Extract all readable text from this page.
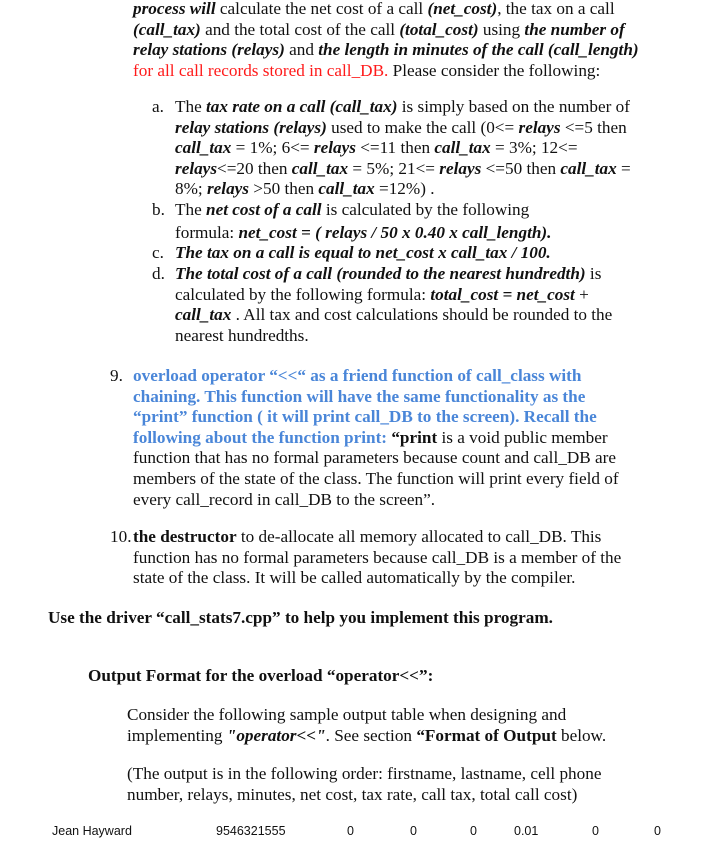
process will calculate the net cost of a call (net_cost), the tax on a call
(call_tax) and the total cost of the call (total_cost) using the number of
relay stations (relays) and the length in minutes of the call (call_length)
for all call records stored in call_DB. Please consider the following:
a. The tax rate on a call (call_tax) is simply based on the number of
relay stations (relays) used to make the call (0<= relays <=5 then
call_tax = 1%; 6<= relays <=11 then call_tax = 3%; 12<=
relays<=20 then call_tax = 5%; 21<= relays <=50 then call_tax =
8%; relays >50 then call_tax =12%) .
b. The net cost of a call is calculated by the following
formula: net_cost = ( relays / 50 x 0.40 x call_length).
c. The tax on a call is equal to net_cost x call_tax / 100.
d. The total cost of a call (rounded to the nearest hundredth) is
calculated by the following formula: total_cost = net_cost +
call_tax . All tax and cost calculations should be rounded to the
nearest hundredths.
9. overload operator “<<“ as a friend function of call_class with
chaining. This function will have the same functionality as the
“print” function ( it will print call_DB to the screen). Recall the
following about the function print: “print is a void public member
function that has no formal parameters because count and call_DB are
members of the state of the class. The function will print every field of
every call_record in call_DB to the screen”.
10. the destructor to de-allocate all memory allocated to call_DB. This
function has no formal parameters because call_DB is a member of the
state of the class. It will be called automatically by the compiler.
Use the driver “call_stats7.cpp” to help you implement this program.
Output Format for the overload “operator<<”:
Consider the following sample output table when designing and
implementing "operator<<". See section “Format of Output below.
(The output is in the following order: firstname, lastname, cell phone
number, relays, minutes, net cost, tax rate, call tax, total call cost)
Jean Hayward	9546321555	0	0	0	0.01	0	0
